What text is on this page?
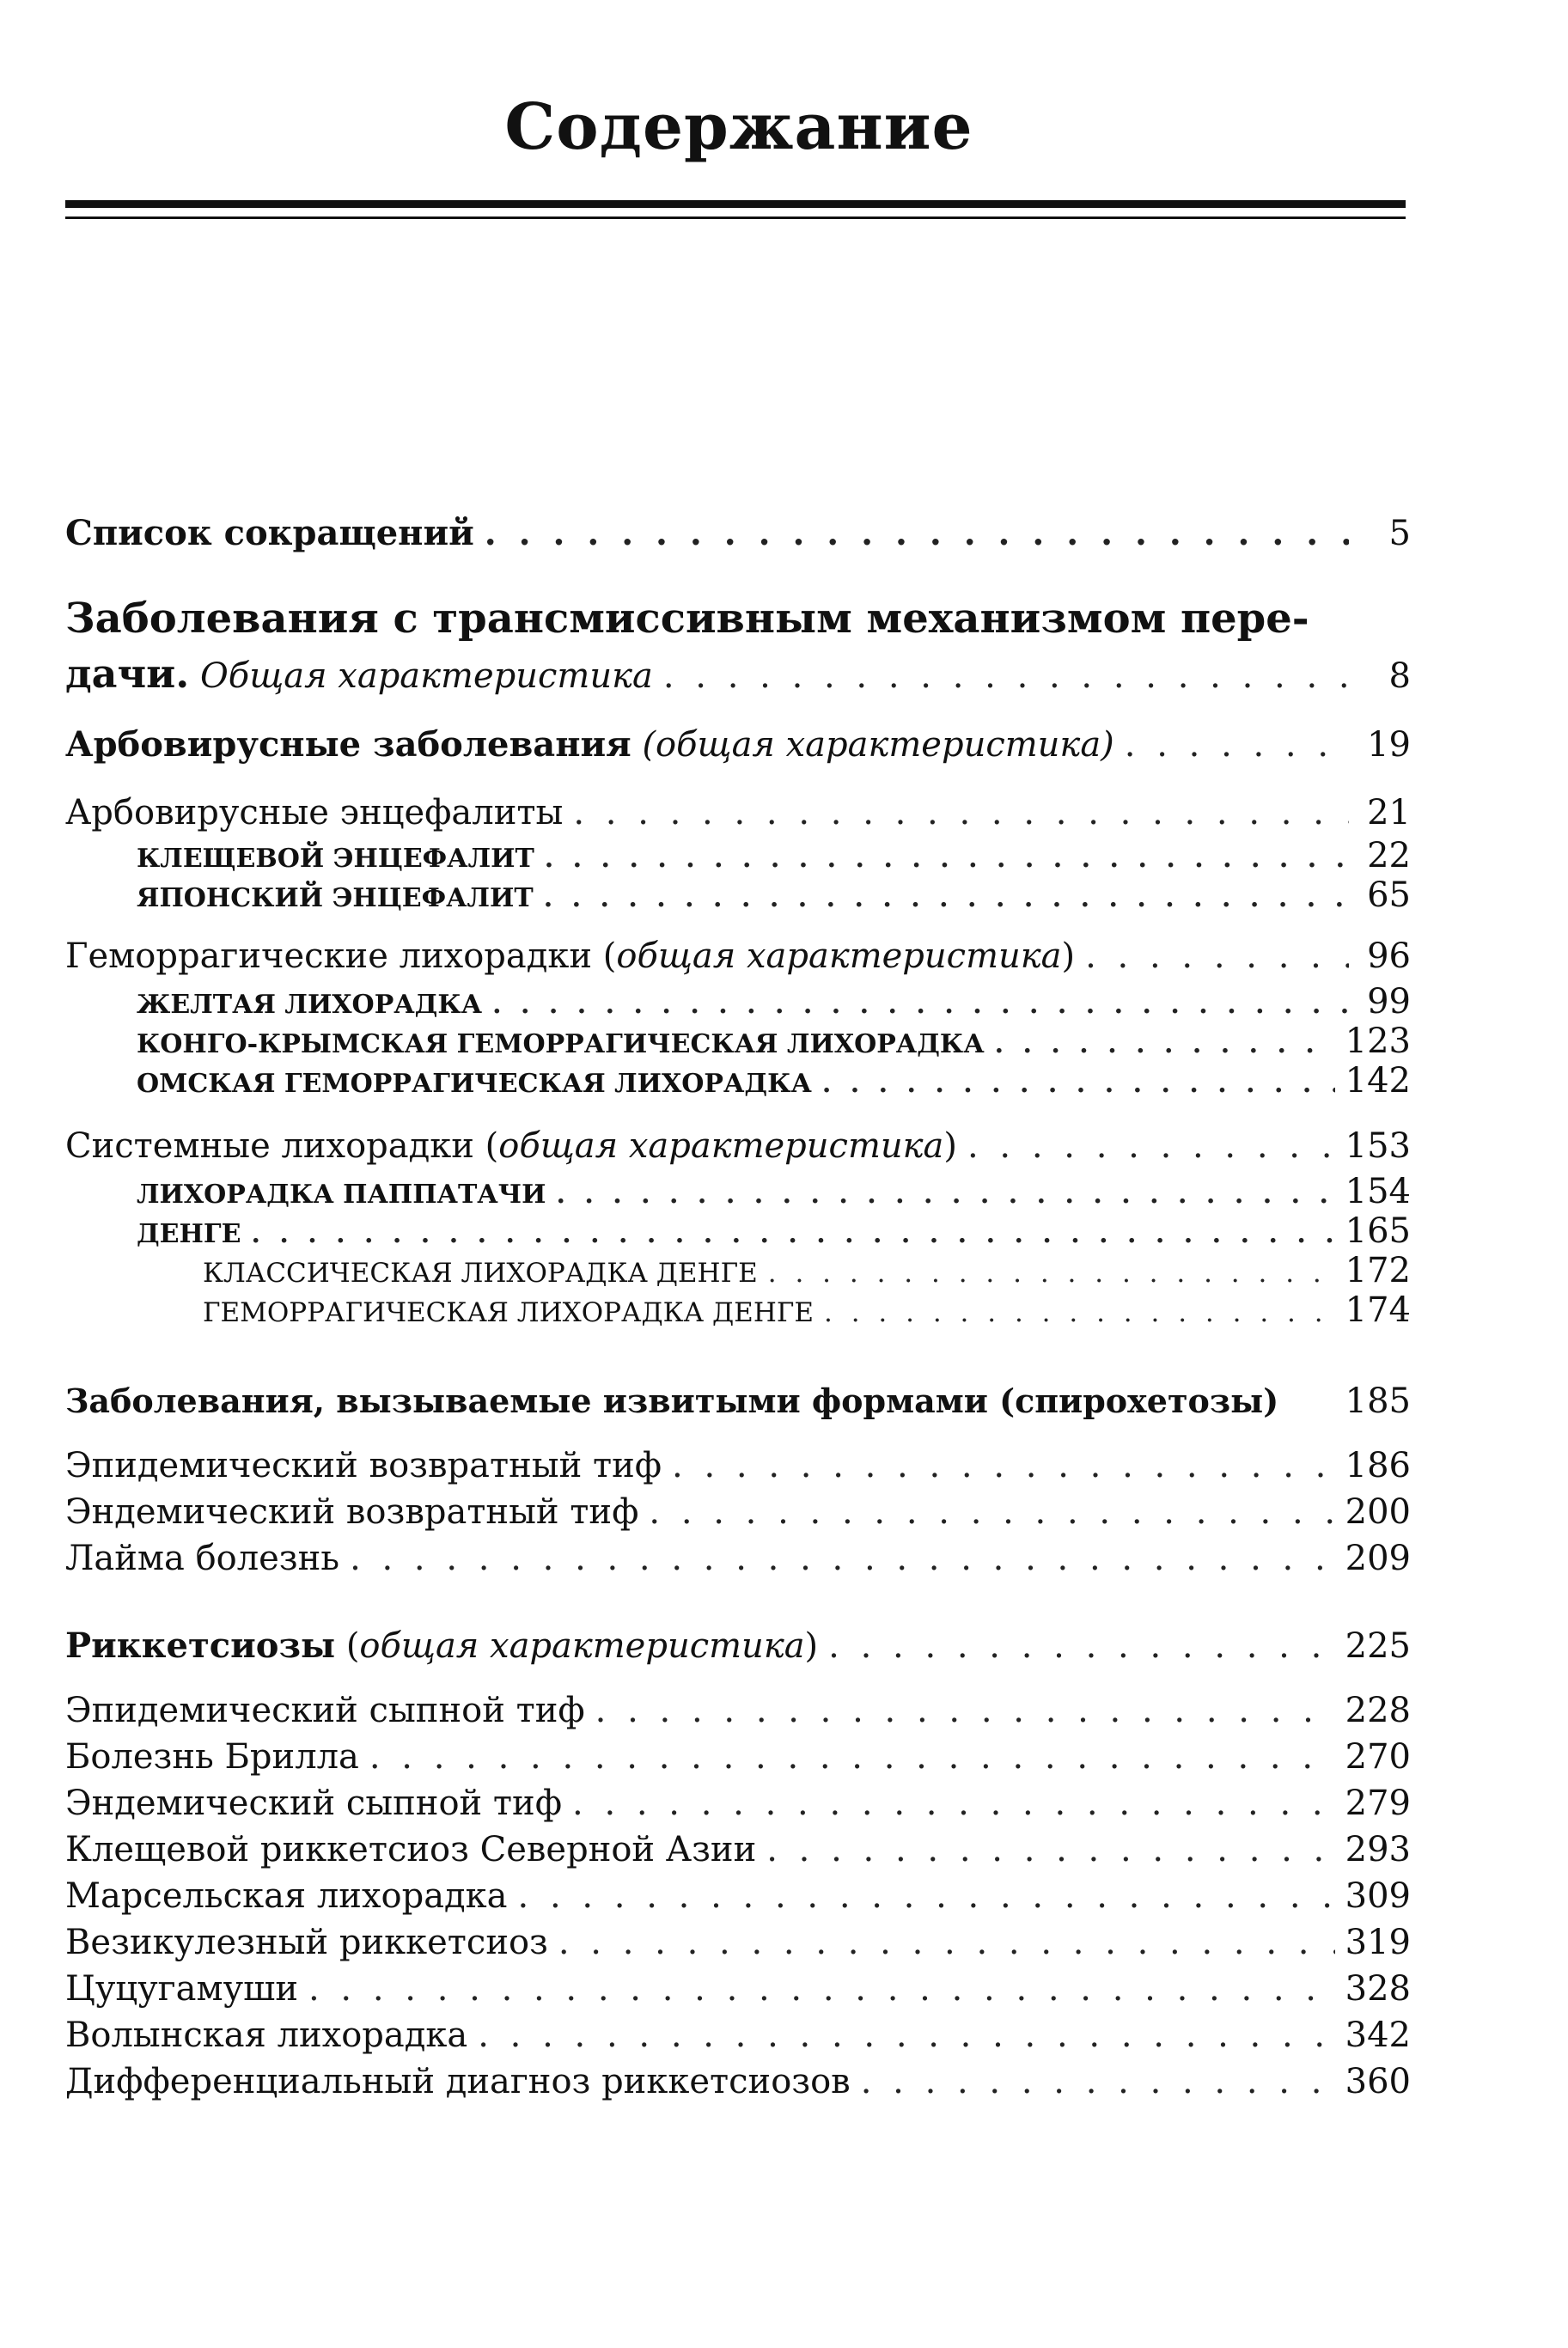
Содержание
Список сокращений . . .	5
Заболевания с трансмиссивным механизмом пере-
дачи. Общая характеристика . . .	8
Арбовирусные заболевания (общая характеристика) . . .	19
Арбовирусные энцефалиты . . .	21
КЛЕЩЕВОЙ ЭНЦЕФАЛИТ . . .	22
ЯПОНСКИЙ ЭНЦЕФАЛИТ . . .	65
Геморрагические лихорадки (общая характеристика) . . .	96
ЖЕЛТАЯ ЛИХОРАДКА . . .	99
КОНГО-КРЫМСКАЯ ГЕМОРРАГИЧЕСКАЯ ЛИХОРАДКА . . .	123
ОМСКАЯ ГЕМОРРАГИЧЕСКАЯ ЛИХОРАДКА . . .	142
Системные лихорадки (общая характеристика) . . .	153
ЛИХОРАДКА ПАППАТАЧИ . . .	154
ДЕНГЕ . . .	165
КЛАССИЧЕСКАЯ ЛИХОРАДКА ДЕНГЕ . . .	172
ГЕМОРРАГИЧЕСКАЯ ЛИХОРАДКА ДЕНГЕ . . .	174
Заболевания, вызываемые извитыми формами (спирохетозы) 185
Эпидемический возвратный тиф . . .	186
Эндемический возвратный тиф . . .	200
Лайма болезнь . . .	209
Риккетсиозы (общая характеристика) . . .	225
Эпидемический сыпной тиф . . .	228
Болезнь Брилла . . .	270
Эндемический сыпной тиф . . .	279
Клещевой риккетсиоз Северной Азии . . .	293
Марсельская лихорадка . . .	309
Везикулезный риккетсиоз . . .	319
Цуцугамуши . . .	328
Волынская лихорадка . . .	342
Дифференциальный диагноз риккетсиозов . . .	360
